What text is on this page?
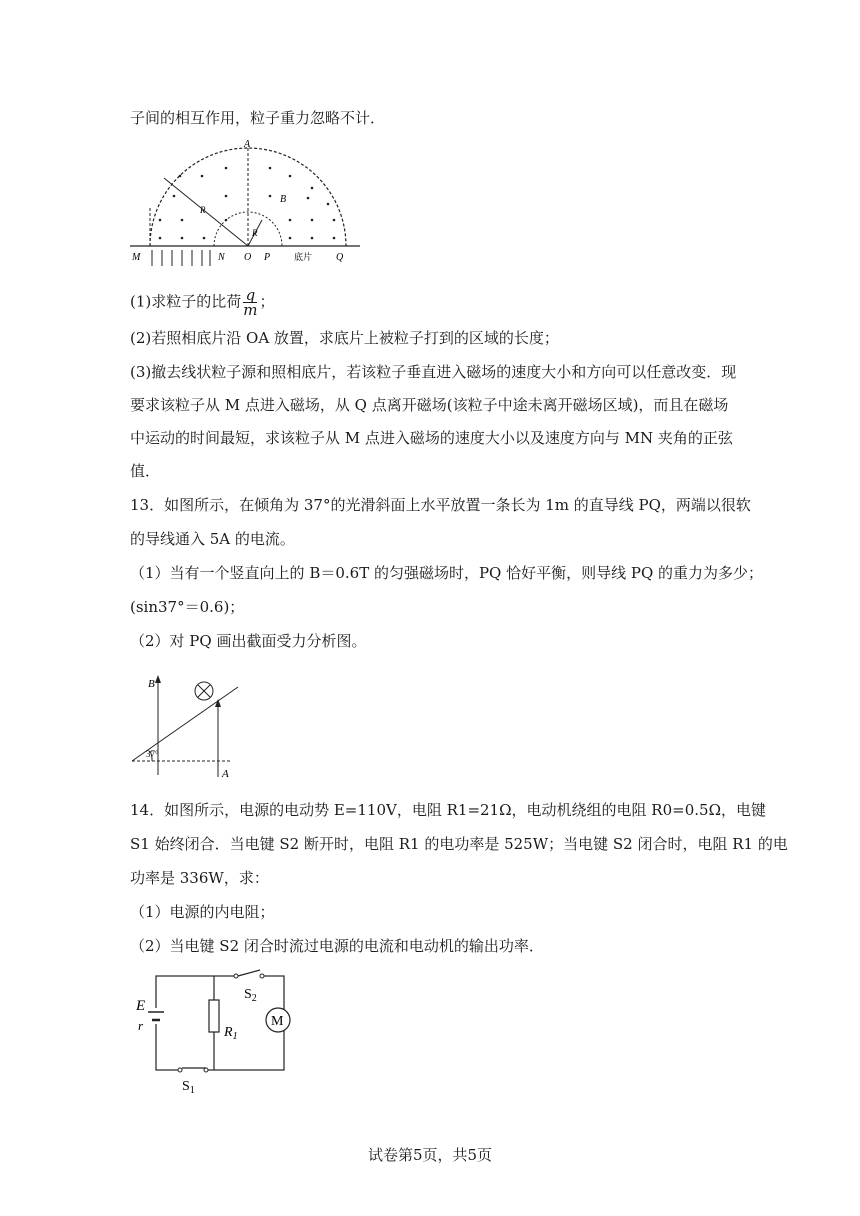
子间的相互作用，粒子重力忽略不计．
A
B
R
R
M	N O P	底片 Q
(1)求粒子的比荷 $\frac{q}{m}$ ；
(2)若照相底片沿 OA 放置，求底片上被粒子打到的区域的长度；
(3)撤去线状粒子源和照相底片，若该粒子垂直进入磁场的速度大小和方向可以任意改变．现
要求该粒子从 M 点进入磁场，从 Q 点离开磁场(该粒子中途未离开磁场区域)，而且在磁场
中运动的时间最短，求该粒子从 M 点进入磁场的速度大小以及速度方向与 MN 夹角的正弦
值．
13．如图所示，在倾角为 37°的光滑斜面上水平放置一条长为 1m 的直导线 PQ，两端以很软
的导线通入 5A 的电流。
（1）当有一个竖直向上的 B＝0.6T 的匀强磁场时，PQ 恰好平衡，则导线 PQ 的重力为多少；
(sin37°＝0.6)；
（2）对 PQ 画出截面受力分析图。
B
A
37°
14．如图所示，电源的电动势 E=110V，电阻 R1=21Ω，电动机绕组的电阻 R0=0.5Ω，电键
S1 始终闭合．当电键 S2 断开时，电阻 R1 的电功率是 525W；当电键 S2 闭合时，电阻 R1 的电
功率是 336W，求：
（1）电源的内电阻；
（2）当电键 S2 闭合时流过电源的电流和电动机的输出功率．
M
E
r	$R_1$
$S_1$
$S_2$
试卷第5页，共5页
